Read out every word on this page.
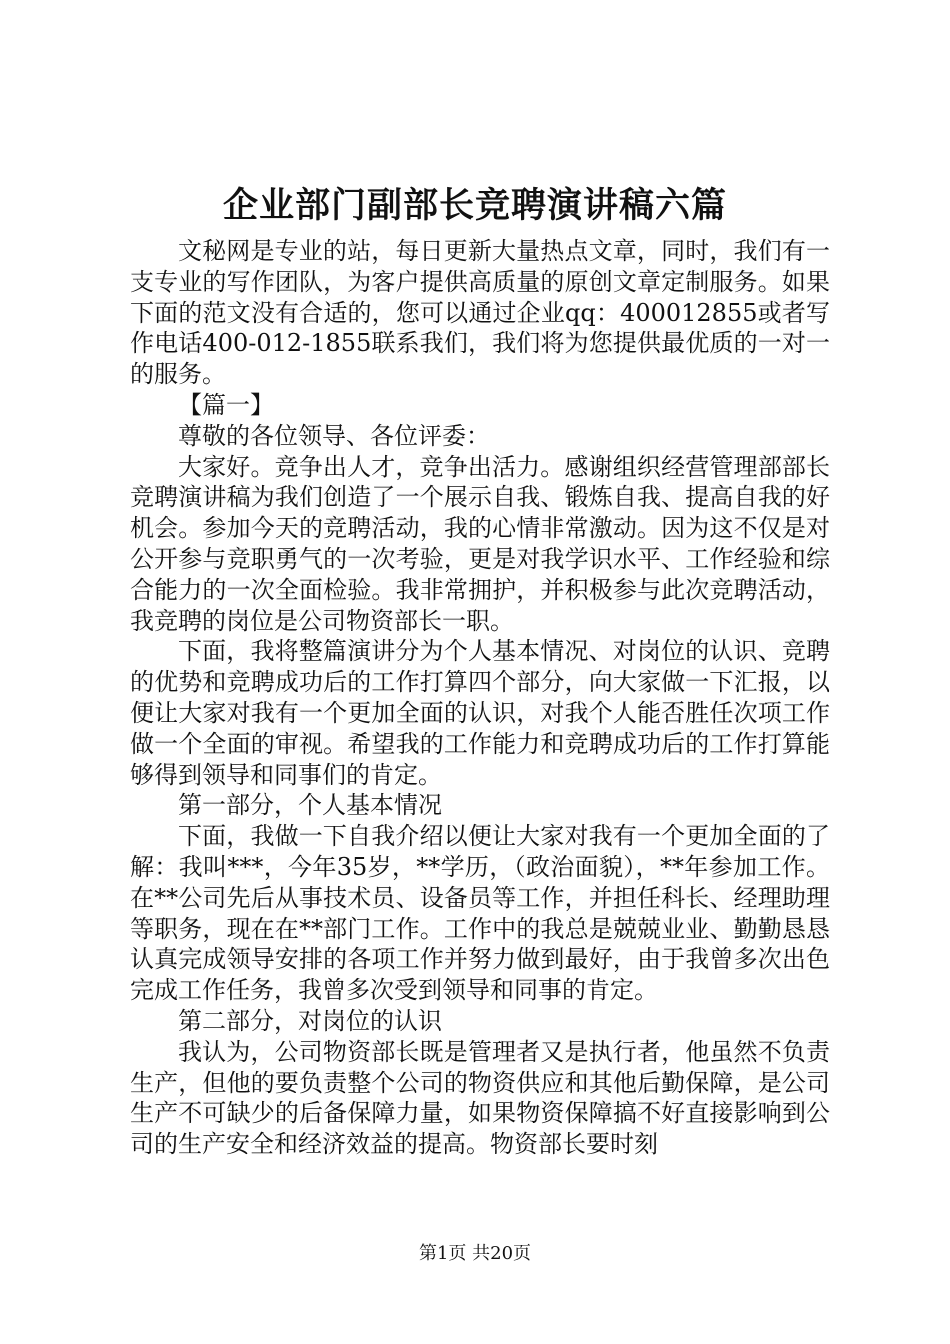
企业部门副部长竞聘演讲稿六篇

文秘网是专业的站，每日更新大量热点文章，同时，我们有一支专业的写作团队，为客户提供高质量的原创文章定制服务。如果下面的范文没有合适的，您可以通过企业qq：400012855或者写作电话400-012-1855联系我们，我们将为您提供最优质的一对一的服务。

【篇一】

尊敬的各位领导、各位评委：

大家好。竞争出人才，竞争出活力。感谢组织经营管理部部长竞聘演讲稿为我们创造了一个展示自我、锻炼自我、提高自我的好机会。参加今天的竞聘活动，我的心情非常激动。因为这不仅是对公开参与竞职勇气的一次考验，更是对我学识水平、工作经验和综合能力的一次全面检验。我非常拥护，并积极参与此次竞聘活动，我竞聘的岗位是公司物资部长一职。

下面，我将整篇演讲分为个人基本情况、对岗位的认识、竞聘的优势和竞聘成功后的工作打算四个部分，向大家做一下汇报，以便让大家对我有一个更加全面的认识，对我个人能否胜任次项工作做一个全面的审视。希望我的工作能力和竞聘成功后的工作打算能够得到领导和同事们的肯定。

第一部分，个人基本情况

下面，我做一下自我介绍以便让大家对我有一个更加全面的了解：我叫***，今年35岁，**学历，（政治面貌），**年参加工作。在**公司先后从事技术员、设备员等工作，并担任科长、经理助理等职务，现在在**部门工作。工作中的我总是兢兢业业、勤勤恳恳认真完成领导安排的各项工作并努力做到最好，由于我曾多次出色完成工作任务，我曾多次受到领导和同事的肯定。

第二部分，对岗位的认识

我认为，公司物资部长既是管理者又是执行者，他虽然不负责生产，但他的要负责整个公司的物资供应和其他后勤保障，是公司生产不可缺少的后备保障力量，如果物资保障搞不好直接影响到公司的生产安全和经济效益的提高。物资部长要时刻

第1页 共20页
